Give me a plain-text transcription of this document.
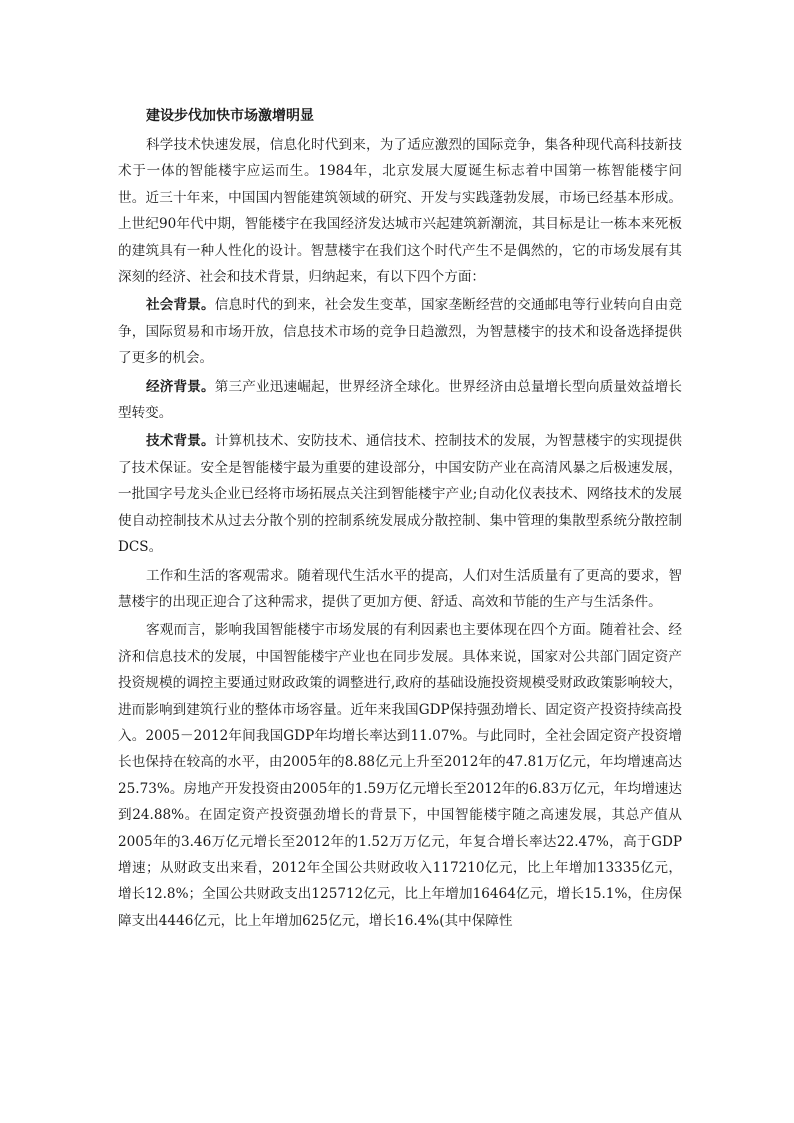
建设步伐加快市场激增明显

科学技术快速发展，信息化时代到来，为了适应激烈的国际竞争，集各种现代高科技新技术于一体的智能楼宇应运而生。1984年，北京发展大厦诞生标志着中国第一栋智能楼宇问世。近三十年来，中国国内智能建筑领域的研究、开发与实践蓬勃发展，市场已经基本形成。上世纪90年代中期，智能楼宇在我国经济发达城市兴起建筑新潮流，其目标是让一栋本来死板的建筑具有一种人性化的设计。智慧楼宇在我们这个时代产生不是偶然的，它的市场发展有其深刻的经济、社会和技术背景，归纳起来，有以下四个方面：

社会背景。信息时代的到来，社会发生变革，国家垄断经营的交通邮电等行业转向自由竞争，国际贸易和市场开放，信息技术市场的竞争日趋激烈，为智慧楼宇的技术和设备选择提供了更多的机会。

经济背景。第三产业迅速崛起，世界经济全球化。世界经济由总量增长型向质量效益增长型转变。

技术背景。计算机技术、安防技术、通信技术、控制技术的发展，为智慧楼宇的实现提供了技术保证。安全是智能楼宇最为重要的建设部分，中国安防产业在高清风暴之后极速发展，一批国字号龙头企业已经将市场拓展点关注到智能楼宇产业;自动化仪表技术、网络技术的发展使自动控制技术从过去分散个别的控制系统发展成分散控制、集中管理的集散型系统分散控制DCS。

工作和生活的客观需求。随着现代生活水平的提高，人们对生活质量有了更高的要求，智慧楼宇的出现正迎合了这种需求，提供了更加方便、舒适、高效和节能的生产与生活条件。

客观而言，影响我国智能楼宇市场发展的有利因素也主要体现在四个方面。随着社会、经济和信息技术的发展，中国智能楼宇产业也在同步发展。具体来说，国家对公共部门固定资产投资规模的调控主要通过财政政策的调整进行,政府的基础设施投资规模受财政政策影响较大，进而影响到建筑行业的整体市场容量。近年来我国GDP保持强劲增长、固定资产投资持续高投入。2005－2012年间我国GDP年均增长率达到11.07%。与此同时，全社会固定资产投资增长也保持在较高的水平，由2005年的8.88亿元上升至2012年的47.81万亿元，年均增速高达25.73%。房地产开发投资由2005年的1.59万亿元增长至2012年的6.83万亿元，年均增速达到24.88%。在固定资产投资强劲增长的背景下，中国智能楼宇随之高速发展，其总产值从2005年的3.46万亿元增长至2012年的1.52万万亿元，年复合增长率达22.47%，高于GDP增速；从财政支出来看，2012年全国公共财政收入117210亿元，比上年增加13335亿元，增长12.8%；全国公共财政支出125712亿元，比上年增加16464亿元，增长15.1%，住房保障支出4446亿元，比上年增加625亿元，增长16.4%(其中保障性
